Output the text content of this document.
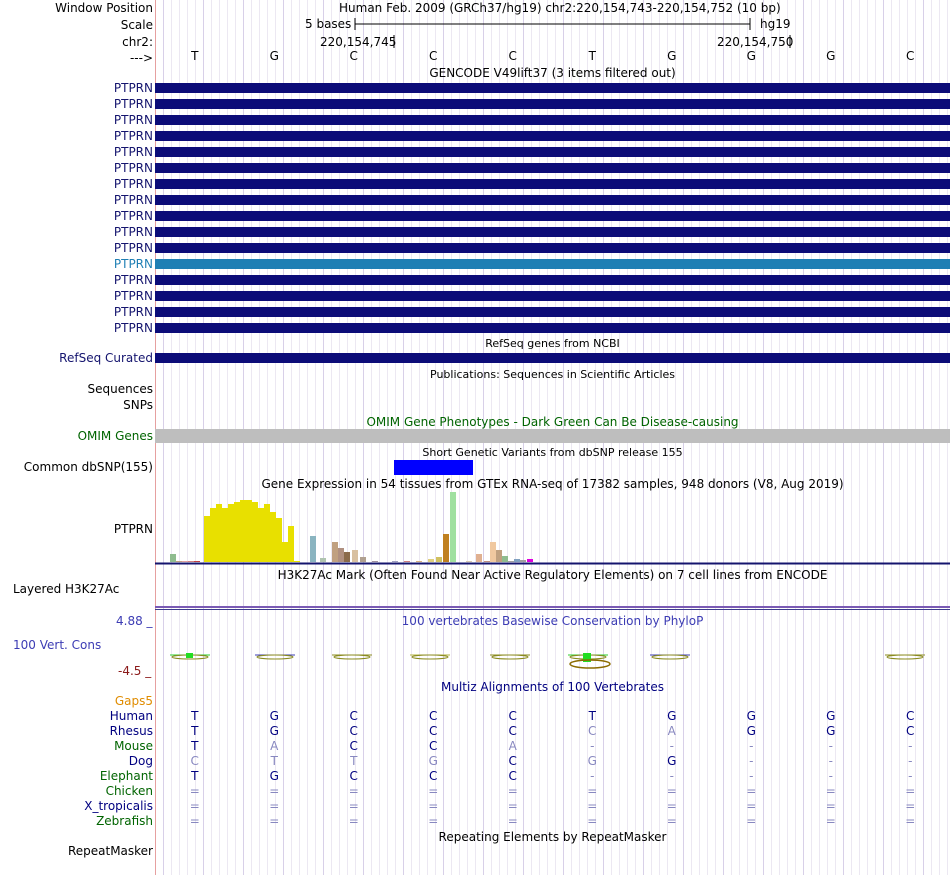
Window Position	Human Feb. 2009 (GRCh37/hg19) chr2:220,154,743-220,154,752 (10 bp)
Scale	5 bases	hg19
chr2:	220,154,745	220,154,750
--->	T	G	C	C	C	T	G	G	G	C
GENCODE V49lift37 (3 items filtered out)
PTPRN
PTPRN
PTPRN
PTPRN
PTPRN
PTPRN
PTPRN
PTPRN
PTPRN
PTPRN
PTPRN
PTPRN
PTPRN
PTPRN
PTPRN
PTPRN
RefSeq genes from NCBI
RefSeq Curated
Publications: Sequences in Scientific Articles
Sequences
SNPs
OMIM Gene Phenotypes - Dark Green Can Be Disease-causing
OMIM Genes
Short Genetic Variants from dbSNP release 155
Common dbSNP(155)
Gene Expression in 54 tissues from GTEx RNA-seq of 17382 samples, 948 donors (V8, Aug 2019)
PTPRN
H3K27Ac Mark (Often Found Near Active Regulatory Elements) on 7 cell lines from ENCODE
Layered H3K27Ac
100 vertebrates Basewise Conservation by PhyloP
4.88 _
100 Vert. Cons
-4.5 _
Multiz Alignments of 100 Vertebrates
Gaps5
Human	T	G	C	C	C	T	G	G	G	C
Rhesus	T	G	C	C	C	C	A	G	G	C
Mouse	T	A	C	C	A	-	-	-	-	-
Dog	C	T	T	G	C	G	G	-	-	-
Elephant	T	G	C	C	C	-	-	-	-	-
Chicken	=	=	=	=	=	=	=	=	=	=
X_tropicalis	=	=	=	=	=	=	=	=	=	=
Zebrafish	=	=	=	=	=	=	=	=	=	=
Repeating Elements by RepeatMasker
RepeatMasker
